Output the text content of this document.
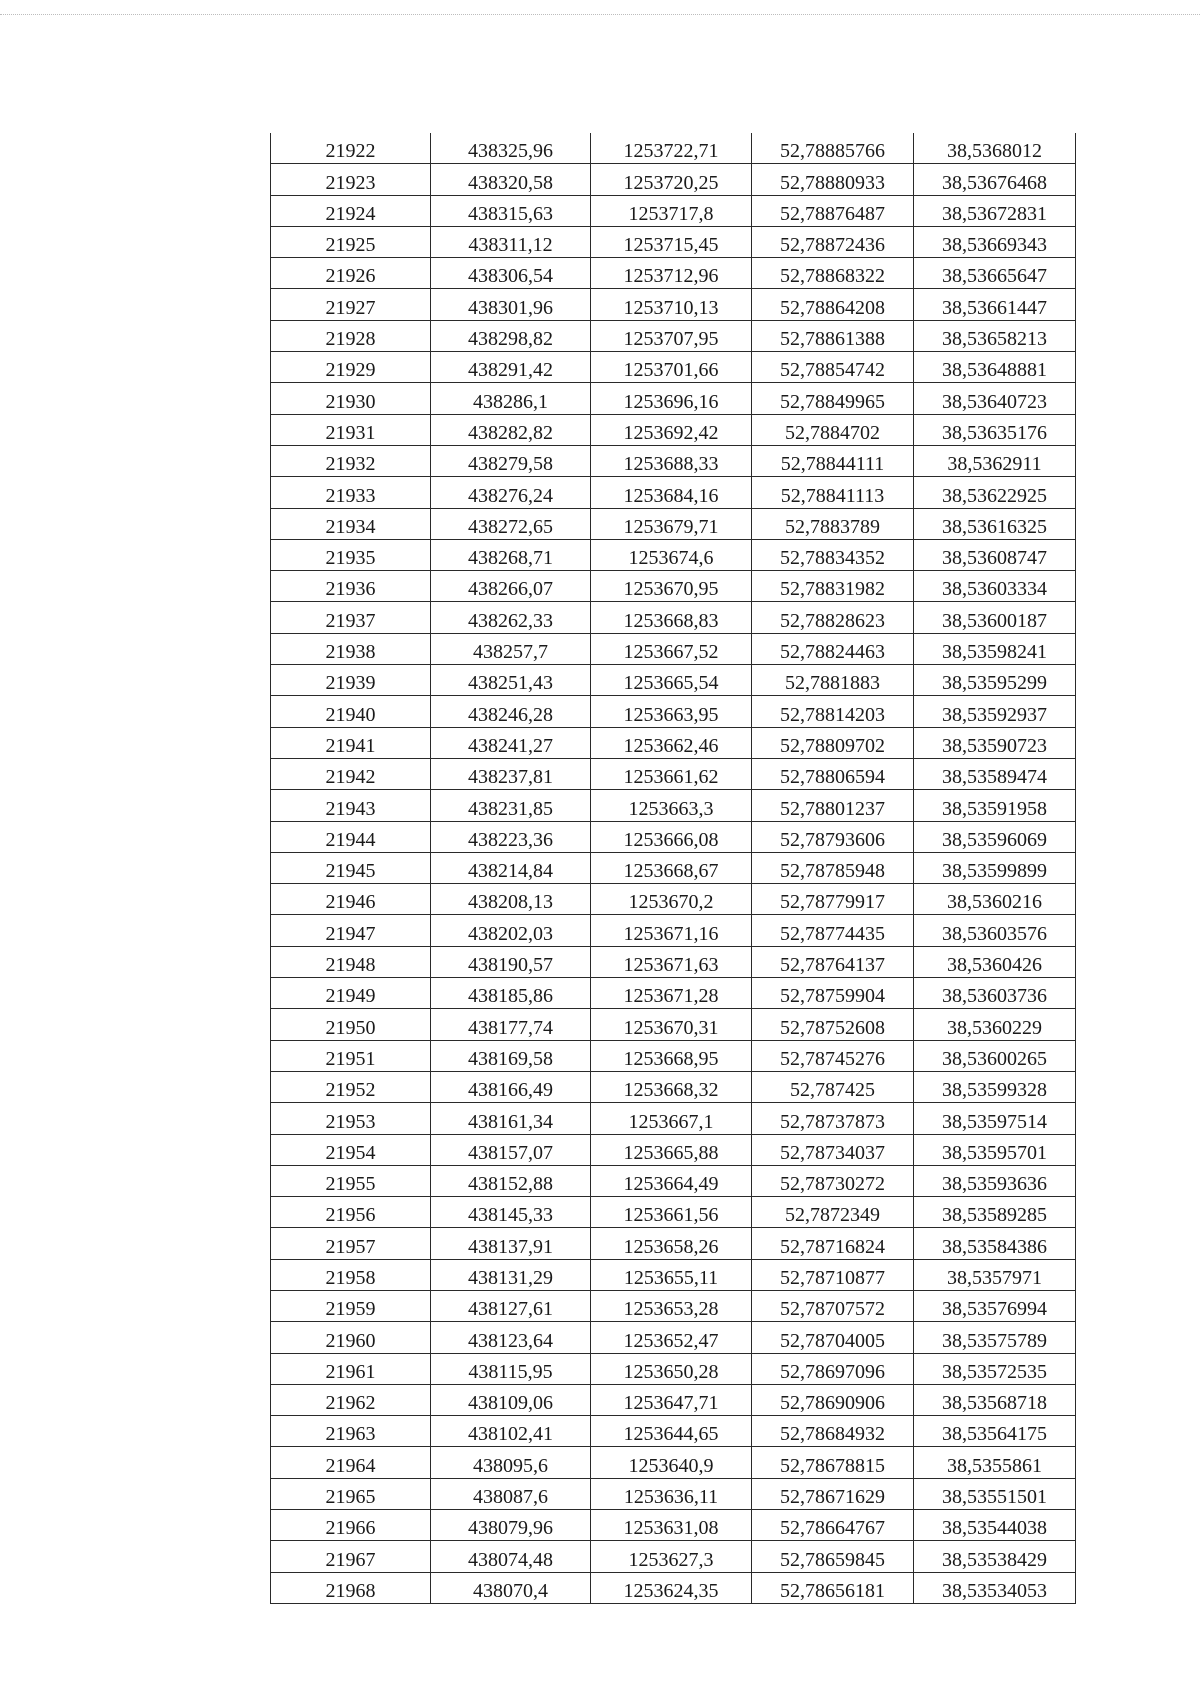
21922	438325,96	1253722,71	52,78885766	38,5368012
21923	438320,58	1253720,25	52,78880933	38,53676468
21924	438315,63	1253717,8	52,78876487	38,53672831
21925	438311,12	1253715,45	52,78872436	38,53669343
21926	438306,54	1253712,96	52,78868322	38,53665647
21927	438301,96	1253710,13	52,78864208	38,53661447
21928	438298,82	1253707,95	52,78861388	38,53658213
21929	438291,42	1253701,66	52,78854742	38,53648881
21930	438286,1	1253696,16	52,78849965	38,53640723
21931	438282,82	1253692,42	52,7884702	38,53635176
21932	438279,58	1253688,33	52,78844111	38,5362911
21933	438276,24	1253684,16	52,78841113	38,53622925
21934	438272,65	1253679,71	52,7883789	38,53616325
21935	438268,71	1253674,6	52,78834352	38,53608747
21936	438266,07	1253670,95	52,78831982	38,53603334
21937	438262,33	1253668,83	52,78828623	38,53600187
21938	438257,7	1253667,52	52,78824463	38,53598241
21939	438251,43	1253665,54	52,7881883	38,53595299
21940	438246,28	1253663,95	52,78814203	38,53592937
21941	438241,27	1253662,46	52,78809702	38,53590723
21942	438237,81	1253661,62	52,78806594	38,53589474
21943	438231,85	1253663,3	52,78801237	38,53591958
21944	438223,36	1253666,08	52,78793606	38,53596069
21945	438214,84	1253668,67	52,78785948	38,53599899
21946	438208,13	1253670,2	52,78779917	38,5360216
21947	438202,03	1253671,16	52,78774435	38,53603576
21948	438190,57	1253671,63	52,78764137	38,5360426
21949	438185,86	1253671,28	52,78759904	38,53603736
21950	438177,74	1253670,31	52,78752608	38,5360229
21951	438169,58	1253668,95	52,78745276	38,53600265
21952	438166,49	1253668,32	52,787425	38,53599328
21953	438161,34	1253667,1	52,78737873	38,53597514
21954	438157,07	1253665,88	52,78734037	38,53595701
21955	438152,88	1253664,49	52,78730272	38,53593636
21956	438145,33	1253661,56	52,7872349	38,53589285
21957	438137,91	1253658,26	52,78716824	38,53584386
21958	438131,29	1253655,11	52,78710877	38,5357971
21959	438127,61	1253653,28	52,78707572	38,53576994
21960	438123,64	1253652,47	52,78704005	38,53575789
21961	438115,95	1253650,28	52,78697096	38,53572535
21962	438109,06	1253647,71	52,78690906	38,53568718
21963	438102,41	1253644,65	52,78684932	38,53564175
21964	438095,6	1253640,9	52,78678815	38,5355861
21965	438087,6	1253636,11	52,78671629	38,53551501
21966	438079,96	1253631,08	52,78664767	38,53544038
21967	438074,48	1253627,3	52,78659845	38,53538429
21968	438070,4	1253624,35	52,78656181	38,53534053
